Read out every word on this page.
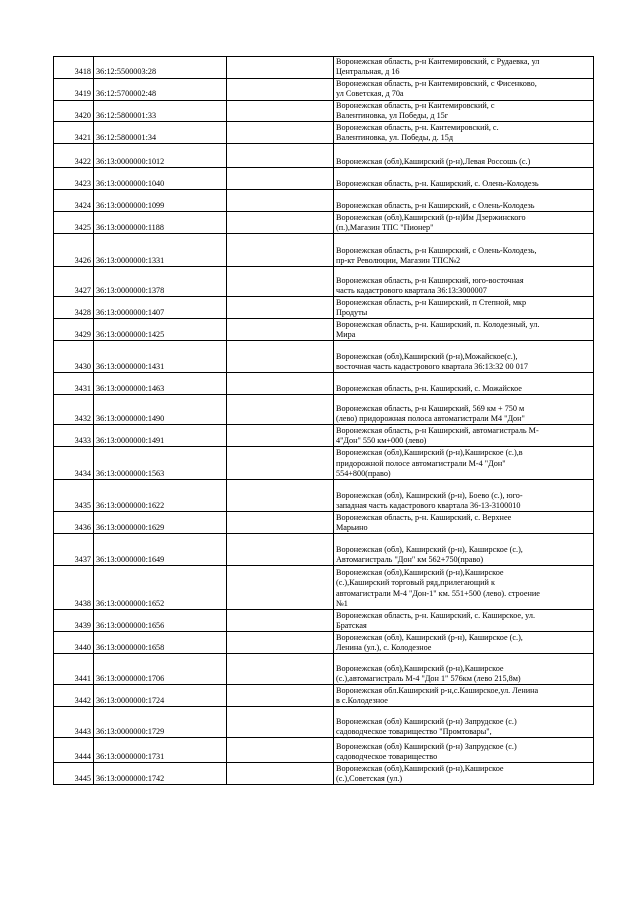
3418	36:12:5500003:28		Воронежская область, р-н Кантемировский, с Рудаевка, ул
Центральная, д 16
3419	36:12:5700002:48		Воронежская область, р-н Кантемировский, с Фисенково,
ул Советская, д 70а
3420	36:12:5800001:33		Воронежская область, р-н Кантемировский, с
Валентиновка, ул Победы, д 15г
3421	36:12:5800001:34		Воронежская область, р-н. Кантемировский, с.
Валентиновка, ул. Победы, д. 15д
3422	36:13:0000000:1012		Воронежская (обл),Каширский (р-н),Левая Россошь (с.)
3423	36:13:0000000:1040		Воронежская область, р-н. Каширский, с. Олень-Колодезь
3424	36:13:0000000:1099		Воронежская область, р-н Каширский, с Олень-Колодезь
3425	36:13:0000000:1188		Воронежская (обл),Каширский (р-н)Им Дзержинского
(п.),Магазин ТПС "Пионер"
3426	36:13:0000000:1331		Воронежская область, р-н Каширский, с Олень-Колодезь,
пр-кт Революции, Магазин ТПС№2
3427	36:13:0000000:1378		Воронежская область, р-н Каширский, юго-восточная
часть кадастрового квартала 36:13:3000007
3428	36:13:0000000:1407		Воронежская область, р-н Каширский, п Степной, мкр
Продуты
3429	36:13:0000000:1425		Воронежская область, р-н. Каширский, п. Колодезный, ул.
Мира
3430	36:13:0000000:1431		Воронежская (обл),Каширский (р-н),Можайское(с.),
восточная часть кадастрового квартала 36:13:32 00 017
3431	36:13:0000000:1463		Воронежская область, р-н. Каширский, с. Можайское
3432	36:13:0000000:1490		Воронежская область, р-н Каширский, 569 км + 750 м
(лево) придорожная полоса автомагистрали М4 "Дон"
3433	36:13:0000000:1491		Воронежская область, р-н Каширский, автомагистраль М-
4"Дон" 550 км+000 (лево)
3434	36:13:0000000:1563		Воронежская (обл),Каширский (р-н),Каширское (с.),в
придорожной полосе автомагистрали М-4 "Дон"
554+800(право)
3435	36:13:0000000:1622		Воронежская (обл), Каширский (р-н), Боево (с.), юго-
западная часть кадастрового квартала 36-13-3100010
3436	36:13:0000000:1629		Воронежская область, р-н. Каширский, с. Верхнее
Марьино
3437	36:13:0000000:1649		Воронежская (обл), Каширский (р-н), Каширское (с.),
Автомагистраль "Дон" км 562+750(право)
3438	36:13:0000000:1652		Воронежская (обл),Каширский (р-н),Каширское
(с.),Каширский торговый ряд,прилегающий к
автомагистрали М-4 "Дон-1" км. 551+500 (лево). строение
№1
3439	36:13:0000000:1656		Воронежская область, р-н. Каширский, с. Каширское, ул.
Братская
3440	36:13:0000000:1658		Воронежская (обл), Каширский (р-н), Каширское (с.),
Ленина (ул.), с. Колодезное
3441	36:13:0000000:1706		Воронежская (обл),Каширский (р-н),Каширское
(с.),автомагистраль М-4 "Дон 1" 576км (лево 215,8м)
3442	36:13:0000000:1724		Воронежская обл.Каширский р-н,с.Каширское,ул. Ленина
в с.Колодезное
3443	36:13:0000000:1729		Воронежская (обл) Каширский (р-н) Запрудское (с.)
садоводческое товарищество "Промтовары",
3444	36:13:0000000:1731		Воронежская (обл) Каширский (р-н) Запрудское (с.)
садоводческое товарищество
3445	36:13:0000000:1742		Воронежская (обл),Каширский (р-н),Каширское
(с.),Советская (ул.)
